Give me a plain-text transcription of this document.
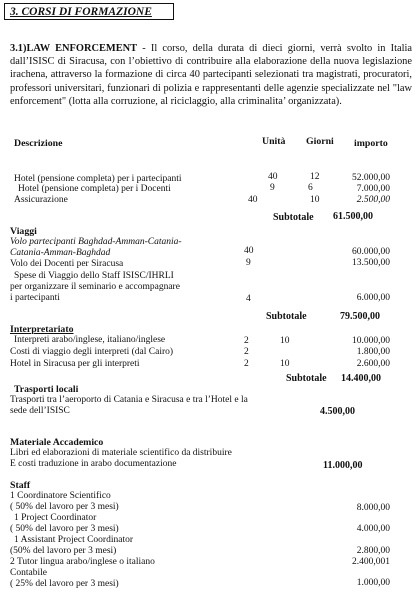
3. CORSI DI FORMAZIONE
3.1)LAW ENFORCEMENT - Il corso, della durata di dieci giorni, verrà svolto in Italia dall’ISISC di Siracusa, con l’obiettivo di contribuire alla elaborazione della nuova legislazione irachena, attraverso la formazione di circa 40 partecipanti selezionati tra magistrati, procuratori, professori universitari, funzionari di polizia e rappresentanti delle agenzie specializzate nel "law enforcement" (lotta alla corruzione, al riciclaggio, alla criminalita’ organizzata).
Descrizione	Unità Giorni importo
Hotel (pensione completa) per i partecipanti	40	12	52.000,00
Hotel (pensione completa) per i Docenti	9	6	7.000,00
Assicurazione	40	10	2.500,00
Subtotale 61.500,00
Viaggi
Volo partecipanti Baghdad-Amman-Catania-
Catania-Amman-Baghdad	40	60.000,00
Volo dei Docenti per Siracusa	9	13.500,00
Spese di Viaggio dello Staff ISISC/IHRLI
per organizzare il seminario e accompagnare
i partecipanti	4	6.000,00
Subtotale	79.500,00
Interpretariato
Interpreti arabo/inglese, italiano/inglese	2	10	10.000,00
Costi di viaggio degli interpreti (dal Cairo)	2	1.800,00
Hotel in Siracusa per gli interpreti	2	10	2.600,00
Subtotale 14.400,00
Trasporti locali
Trasporti tra l’aeroporto di Catania e Siracusa e tra l’Hotel e la
sede dell’ISISC	4.500,00
Materiale Accademico
Libri ed elaborazioni di materiale scientifico da distribuire
E costi traduzione in arabo documentazione	11.000,00
Staff
1 Coordinatore Scientifico
( 50% del lavoro per 3 mesi)	8.000,00
1 Project Coordinator
( 50% del lavoro per 3 mesi)	4.000,00
1 Assistant Project Coordinator
(50% del lavoro per 3 mesi)	2.800,00
2 Tutor lingua arabo/inglese o italiano	2.400,001
Contabile
( 25% del lavoro per 3 mesi)	1.000,00
